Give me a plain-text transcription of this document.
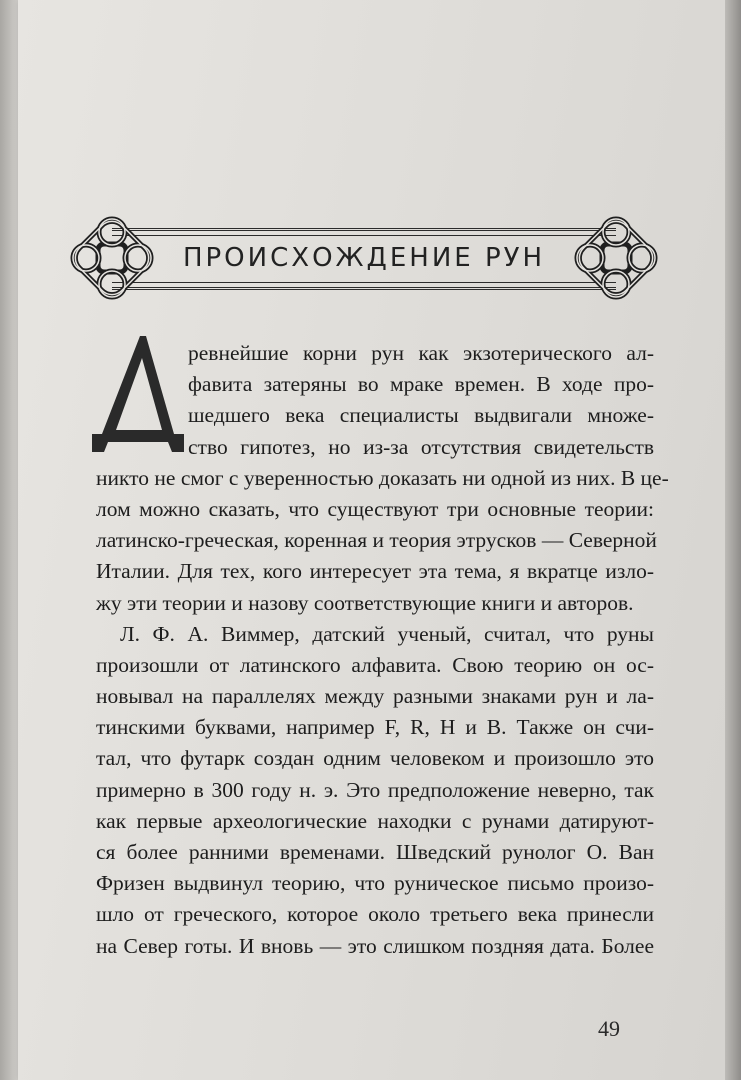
ПРОИСХОЖДЕНИЕ РУН
Д
ревнейшие корни рун как экзотерического ал-
фавита затеряны во мраке времен. В ходе про-
шедшего века специалисты выдвигали множе-
ство гипотез, но из-за отсутствия свидетельств
никто не смог с уверенностью доказать ни одной из них. В це-
лом можно сказать, что существуют три основные теории:
латинско-греческая, коренная и теория этрусков — Северной
Италии. Для тех, кого интересует эта тема, я вкратце изло-
жу эти теории и назову соответствующие книги и авторов.
Л. Ф. А. Виммер, датский ученый, считал, что руны
произошли от латинского алфавита. Свою теорию он ос-
новывал на параллелях между разными знаками рун и ла-
тинскими буквами, например F, R, H и B. Также он счи-
тал, что футарк создан одним человеком и произошло это
примерно в 300 году н. э. Это предположение неверно, так
как первые археологические находки с рунами датируют-
ся более ранними временами. Шведский рунолог О. Ван
Фризен выдвинул теорию, что руническое письмо произо-
шло от греческого, которое около третьего века принесли
на Север готы. И вновь — это слишком поздняя дата. Более
49
